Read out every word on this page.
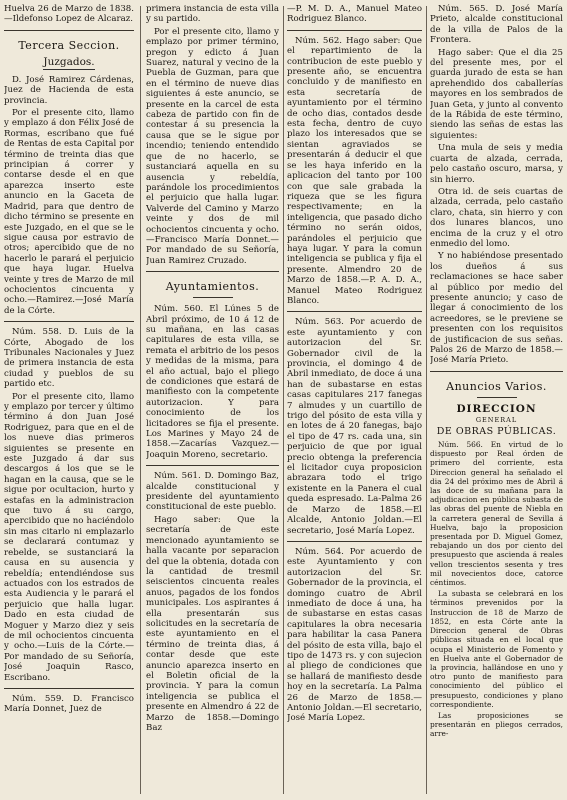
Huelva 26 de Marzo de 1838.—Ildefonso Lopez de Alcaraz.

Tercera Seccion.
Juzgados.

D. José Ramirez Cárdenas, Juez de Hacienda de esta provincia.

Por el presente cito, llamo y emplazo á don Félix José de Rormas, escribano que fué de Rentas de esta Capital por término de treinta dias que principian á correr y contarse desde el en que aparezca inserto este anuncio en la Gaceta de Madrid, para que dentro de dicho término se presente en este Juzgado, en el que se le sigue causa por estravio de otros; apercibido que de no hacerlo le parará el perjuicio que haya lugar. Huelva veinte y tres de Marzo de mil ochocientos cincuenta y ocho.—Ramirez.—José María de la Córte.

Núm. 558. D. Luis de la Córte, Abogado de los Tribunales Nacionales y Juez de primera instancia de esta ciudad y pueblos de su partido etc.

Por el presente cito, llamo y emplazo por tercer y último término á don Juan José Rodriguez, para que en el de los nueve dias primeros siguientes se presente en este Juzgado á dar sus descargos á los que se le hagan en la causa, que se le sigue por ocultacion, hurto y estafas en la administracion que tuvo á su cargo, apercibido que no haciéndolo sin mas citarlo ni emplazarlo se declarará contumaz y rebelde, se sustanciará la causa en su ausencia y rebeldía; entendiéndose sus actuados con los estrados de esta Audiencia y le parará el perjuicio que halla lugar. Dado en esta ciudad de Moguer y Marzo diez y seis de mil ochocientos cincuenta y ocho.—Luis de la Córte.—Por mandado de su Señoría, José Joaquin Rasco, Escribano.

Núm. 559. D. Francisco María Donnet, Juez de

primera instancia de esta villa y su partido.

Por el presente cito, llamo y emplazo por primer término, pregon y edicto á Juan Suarez, natural y vecino de la Puebla de Guzman, para que en el término de nueve dias siguientes á este anuncio, se presente en la carcel de esta cabeza de partido con fin de contestar á su presencia la causa que se le sigue por incendio; teniendo entendido que de no hacerlo, se sustanciará aquella en su ausencia y rebeldía, parándole los procedimientos el perjuicio que halla lugar. Valverde del Camino y Marzo veinte y dos de mil ochocientos cincuenta y ocho.—Francisco María Donnet.—Por mandado de su Señoría, Juan Ramirez Cruzado.

Ayuntamientos.

Núm. 560. El Lúnes 5 de Abril próximo, de 10 á 12 de su mañana, en las casas capitulares de esta villa, se remata el arbitrio de los pesos y medidas de la misma, para el año actual, bajo el pliego de condiciones que estará de manifiesto con la competente autorizacion. Y para conocimiento de los licitadores se fija el presente. Los Marines y Mayo 24 de 1858.—Zacarías Vazquez.—Joaquin Moreno, secretario.

Núm. 561. D. Domingo Baz, alcalde constitucional y presidente del ayuntamiento constitucional de este pueblo.

Hago saber: Que la secretaría de este mencionado ayuntamiento se halla vacante por separacion del que la obtenia, dotada con la cantidad de tresmil seiscientos cincuenta reales anuos, pagados de los fondos municipales. Los aspirantes á ella presentarán sus solicitudes en la secretaría de este ayuntamiento en el término de treinta dias, á contar desde que este anuncio aparezca inserto en el Boletin oficial de la provincia. Y para la comun inteligencia se publica el presente en Almendro á 22 de Marzo de 1858.—Domingo Baz

—P. M. D. A., Manuel Mateo Rodriguez Blanco.

Núm. 562. Hago saber: Que el repartimiento de la contribucion de este pueblo y presente año, se encuentra concluido y de manifiesto en esta secretaría de ayuntamiento por el término de ocho dias, contados desde esta fecha, dentro de cuyo plazo los interesados que se sientan agraviados se presentarán á deducir el que se les haya inferido en la aplicacion del tanto por 100 con que sale grabada la riqueza que se les figura respectivamente; en la inteligencia, que pasado dicho término no serán oidos, parándoles el perjuicio que haya lugar. Y para la comun inteligencia se publica y fija el presente. Almendro 20 de Marzo de 1858.—P. A. D. A., Manuel Mateo Rodriguez Blanco.

Núm. 563. Por acuerdo de este ayuntamiento y con autorizacion del Sr. Gobernador civil de la provincia, el domingo 4 de Abril inmediato, de doce á una han de subastarse en estas casas capitulares 217 fanegas 7 almudes y un cuartillo de trigo del pósito de esta villa y en lotes de á 20 fanegas, bajo el tipo de 47 rs. cada una, sin perjuicio de que por igual precio obtenga la preferencia el licitador cuya proposicion abrazara todo el trigo existente en la Panera el cual queda espresado. La-Palma 26 de Marzo de 1858.—El Alcalde, Antonio Joldan.—El secretario, José María Lopez.

Núm. 564. Por acuerdo de este Ayuntamiento y con autorizacion del Sr. Gobernador de la provincia, el domingo cuatro de Abril inmediato de doce á una, ha de subastarse en estas casas capitulares la obra necesaria para habilitar la casa Panera del pósito de esta villa, bajo el tipo de 1473 rs. y con sujecion al pliego de condiciones que se hallará de manifiesto desde hoy en la secretaría. La Palma 26 de Marzo de 1858.—Antonio Joldan.—El secretario, José María Lopez.

Núm. 565. D. José María Prieto, alcalde constitucional de la villa de Palos de la Frontera.

Hago saber: Que el dia 25 del presente mes, por el guarda jurado de esta se han aprehendido dos caballerías mayores en los sembrados de Juan Geta, y junto al convento de la Rábida de este término, siendo las señas de estas las siguientes:

Una mula de seis y media cuarta de alzada, cerrada, pelo castaño oscuro, marsa, y sin hierro.

Otra id. de seis cuartas de alzada, cerrada, pelo castaño claro, chata, sin hierro y con dos lunares blancos, uno encima de la cruz y el otro enmedio del lomo.

Y no habiéndose presentado los dueños á sus reclamaciones se hace saber al público por medio del presente anuncio; y caso de llegar á conocimiento de los acreedores, se le previene se presenten con los requisitos de justificacion de sus señas. Palos 26 de Marzo de 1858.—José María Prieto.

Anuncios Varios.
DIRECCION
GENERAL
DE OBRAS PÚBLICAS.

Núm. 566. En virtud de lo dispuesto por Real órden de primero del corriente, esta Direccion general ha señalado el dia 24 del próximo mes de Abril á las doce de su mañana para la adjudicacion en pública subasta de las obras del puente de Niebla en la carretera general de Sevilla á Huelva, bajo la proposicion presentada por D. Miguel Gomez, rebajando un dos por ciento del presupuesto que ascienda á reales vellon trescientos sesenta y tres mil novecientos doce, catorce céntimos.

La subasta se celebrará en los términos prevenidos por la Instruccion de 18 de Marzo de 1852, en esta Córte ante la Direccion general de Obras públicas situada en el local que ocupa el Ministerio de Fomento y en Huelva ante el Gobernador de la provincia, hallándose en uno y otro punto de manifiesto para conocimiento del público el presupuesto, condiciones y plano correspondiente.

Las proposiciones se presentarán en pliegos cerrados, arre-
